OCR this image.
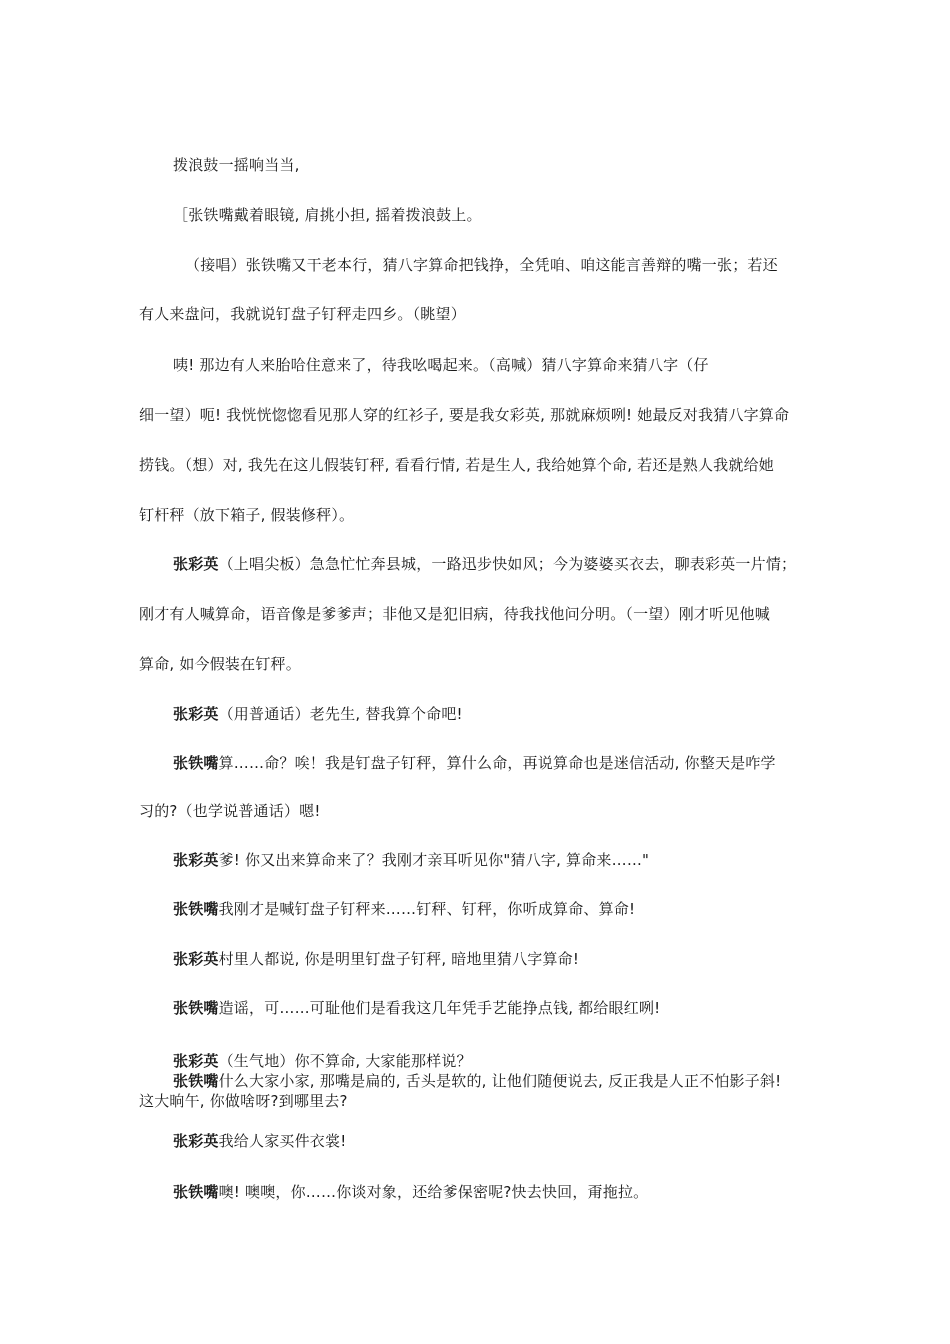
拨浪鼓一摇响当当,
［张铁嘴戴着眼镜, 肩挑小担, 摇着拨浪鼓上。
（接唱）张铁嘴又干老本行，猜八字算命把钱挣，全凭咱、咱这能言善辩的嘴一张；若还
有人来盘问，我就说钉盘子钉秤走四乡。（眺望）
咦! 那边有人来胎哈住意来了，待我吆喝起来。（高喊）猜八字算命来猜八字（仔
细一望）呃! 我恍恍惚惚看见那人穿的红衫子, 要是我女彩英, 那就麻烦咧! 她最反对我猜八字算命
捞钱。（想）对, 我先在这儿假装钉秤, 看看行情, 若是生人, 我给她算个命, 若还是熟人我就给她
钉杆秤（放下箱子, 假装修秤）。
张彩英（上唱尖板）急急忙忙奔县城，一路迅步快如风；今为婆婆买衣去，聊表彩英一片情；
刚才有人喊算命，语音像是爹爹声；非他又是犯旧病，待我找他问分明。（一望）刚才听见他喊
算命, 如今假装在钉秤。
张彩英（用普通话）老先生, 替我算个命吧!
张铁嘴算……命？唉！我是钉盘子钉秤，算什么命，再说算命也是迷信活动, 你整天是咋学
习的?（也学说普通话）嗯!
张彩英爹! 你又出来算命来了？我刚才亲耳听见你"猜八字, 算命来……"
张铁嘴我刚才是喊钉盘子钉秤来……钉秤、钉秤，你听成算命、算命!
张彩英村里人都说, 你是明里钉盘子钉秤, 暗地里猜八字算命!
张铁嘴造谣，可……可耻他们是看我这几年凭手艺能挣点钱, 都给眼红咧!
张彩英（生气地）你不算命, 大家能那样说？
张铁嘴什么大家小家, 那嘴是扁的, 舌头是软的, 让他们随便说去, 反正我是人正不怕影子斜!
这大晌午, 你做啥呀?到哪里去?
张彩英我给人家买件衣裳!
张铁嘴噢! 噢噢，你……你谈对象，还给爹保密呢?快去快回，甭拖拉。
